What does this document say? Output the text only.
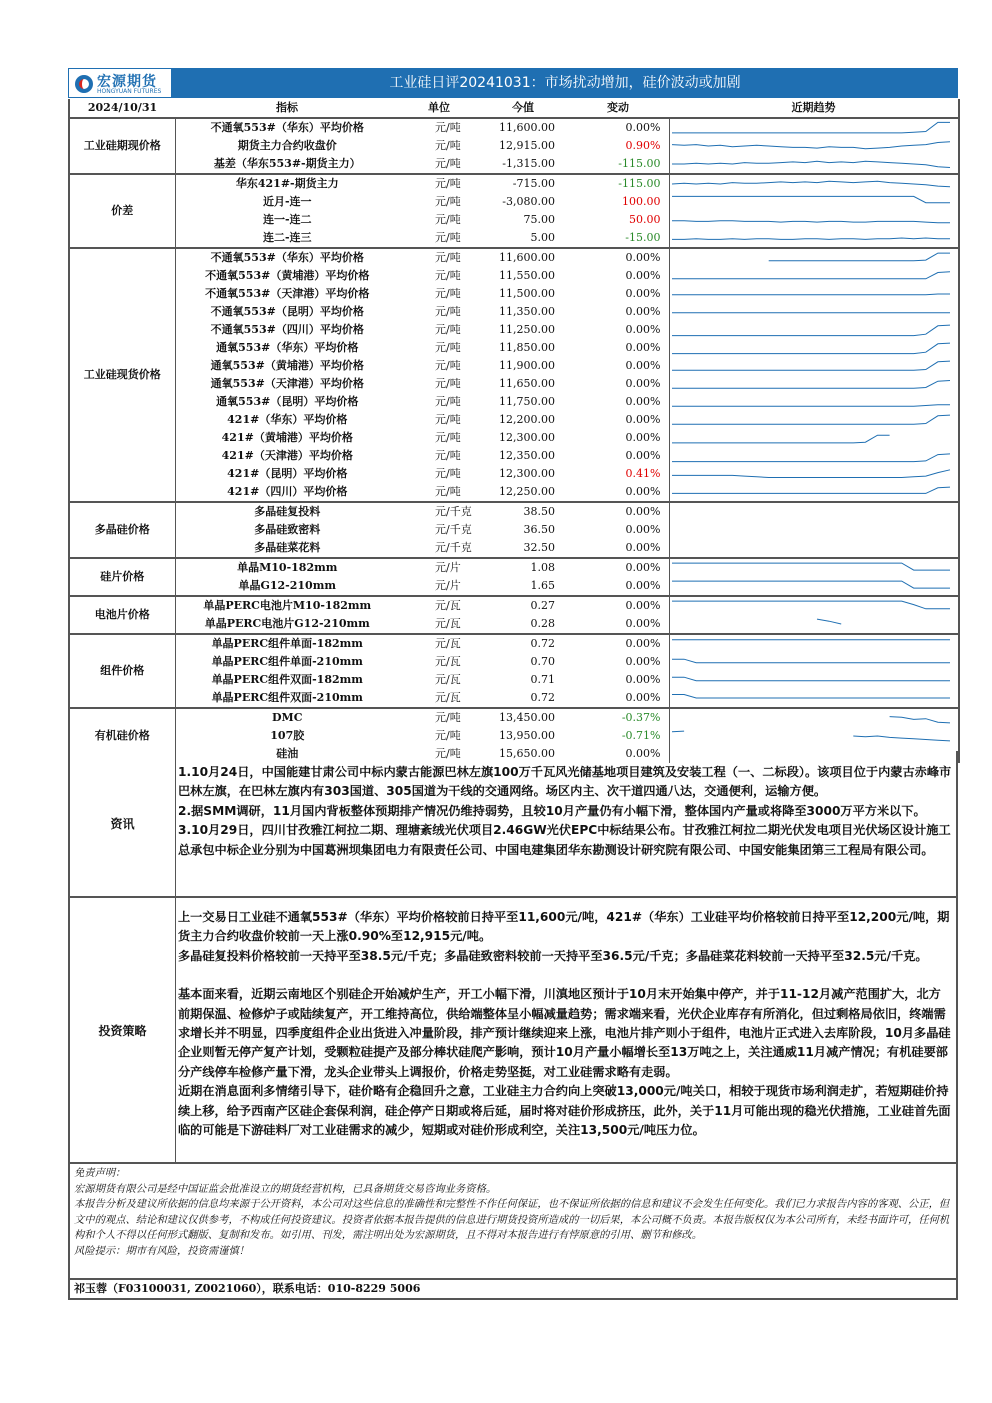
宏源期货
HONGYUAN FUTURES
工业硅日评20241031：市场扰动增加，硅价波动或加剧
2024/10/31	指标	单位	今值	变动	近期趋势
工业硅期现价格	不通氧553#（华东）平均价格	元/吨	11,600.00	0.00%	

	期货主力合约收盘价	元/吨	12,915.00	0.90%	

	基差（华东553#-期货主力）	元/吨	-1,315.00	-115.00	

价差	华东421#-期货主力	元/吨	-715.00	-115.00	

	近月-连一	元/吨	-3,080.00	100.00	

	连一-连二	元/吨	75.00	50.00	

	连二-连三	元/吨	5.00	-15.00	

工业硅现货价格	不通氧553#（华东）平均价格	元/吨	11,600.00	0.00%	

	不通氧553#（黄埔港）平均价格	元/吨	11,550.00	0.00%	

	不通氧553#（天津港）平均价格	元/吨	11,500.00	0.00%	

	不通氧553#（昆明）平均价格	元/吨	11,350.00	0.00%	

	不通氧553#（四川）平均价格	元/吨	11,250.00	0.00%	

	通氧553#（华东）平均价格	元/吨	11,850.00	0.00%	

	通氧553#（黄埔港）平均价格	元/吨	11,900.00	0.00%	

	通氧553#（天津港）平均价格	元/吨	11,650.00	0.00%	

	通氧553#（昆明）平均价格	元/吨	11,750.00	0.00%	

	421#（华东）平均价格	元/吨	12,200.00	0.00%	

	421#（黄埔港）平均价格	元/吨	12,300.00	0.00%	

	421#（天津港）平均价格	元/吨	12,350.00	0.00%	

	421#（昆明）平均价格	元/吨	12,300.00	0.41%	

	421#（四川）平均价格	元/吨	12,250.00	0.00%	

多晶硅价格	多晶硅复投料	元/千克	38.50	0.00%	

	多晶硅致密料	元/千克	36.50	0.00%	

	多晶硅菜花料	元/千克	32.50	0.00%	

硅片价格	单晶M10-182mm	元/片	1.08	0.00%	

	单晶G12-210mm	元/片	1.65	0.00%	

电池片价格	单晶PERC电池片M10-182mm	元/瓦	0.27	0.00%	

	单晶PERC电池片G12-210mm	元/瓦	0.28	0.00%	

组件价格	单晶PERC组件单面-182mm	元/瓦	0.72	0.00%	

	单晶PERC组件单面-210mm	元/瓦	0.70	0.00%	

	单晶PERC组件双面-182mm	元/瓦	0.71	0.00%	

	单晶PERC组件双面-210mm	元/瓦	0.72	0.00%	

有机硅价格	DMC	元/吨	13,450.00	-0.37%	

	107胶	元/吨	13,950.00	-0.71%	

	硅油	元/吨	15,650.00	0.00%	
资讯

1.10月24日，中国能建甘肃公司中标内蒙古能源巴林左旗100万千瓦风光储基地项目建筑及安装工程（一、二标段）。该项目位于内蒙古赤峰市巴林左旗，在巴林左旗内有303国道、305国道为干线的交通网络。场区内主、次干道四通八达，交通便利，运输方便。

2.据SMM调研，11月国内背板整体预期排产情况仍维持弱势，且较10月产量仍有小幅下滑，整体国内产量或将降至3000万平方米以下。

3.10月29日，四川甘孜雅江柯拉二期、理塘紊绒光伏项目2.46GW光伏EPC中标结果公布。甘孜雅江柯拉二期光伏发电项目光伏场区设计施工总承包中标企业分别为中国葛洲坝集团电力有限责任公司、中国电建集团华东勘测设计研究院有限公司、中国安能集团第三工程局有限公司。

投资策略

上一交易日工业硅不通氧553#（华东）平均价格较前日持平至11,600元/吨，421#（华东）工业硅平均价格较前日持平至12,200元/吨，期货主力合约收盘价较前一天上涨0.90%至12,915元/吨。

多晶硅复投料价格较前一天持平至38.5元/千克；多晶硅致密料较前一天持平至36.5元/千克；多晶硅菜花料较前一天持平至32.5元/千克。

基本面来看，近期云南地区个别硅企开始减炉生产，开工小幅下滑，川滇地区预计于10月末开始集中停产，并于11-12月减产范围扩大，北方前期保温、检修炉子或陆续复产，开工维持高位，供给端整体呈小幅减量趋势；需求端来看，光伏企业库存有所消化，但过剩格局依旧，终端需求增长并不明显，四季度组件企业出货进入冲量阶段，排产预计继续迎来上涨，电池片排产则小于组件，电池片正式进入去库阶段，10月多晶硅企业则暂无停产复产计划，受颗粒硅提产及部分棒状硅爬产影响，预计10月产量小幅增长至13万吨之上，关注通威11月减产情况；有机硅要部分产线停车检修产量下滑，龙头企业带头上调报价，价格走势坚挺，对工业硅需求略有走弱。

近期在消息面利多情绪引导下，硅价略有企稳回升之意，工业硅主力合约向上突破13,000元/吨关口，相较于现货市场利润走扩，若短期硅价持续上移，给予西南产区硅企套保利润，硅企停产日期或将后延，届时将对硅价形成挤压，此外，关于11月可能出现的稳光伏措施，工业硅首先面临的可能是下游硅料厂对工业硅需求的减少，短期或对硅价形成利空，关注13,500元/吨压力位。

免责声明：

宏源期货有限公司是经中国证监会批准设立的期货经营机构，已具备期货交易咨询业务资格。

本报告分析及建议所依据的信息均来源于公开资料，本公司对这些信息的准确性和完整性不作任何保证，也不保证所依据的信息和建议不会发生任何变化。我们已力求报告内容的客观、公正，但文中的观点、结论和建议仅供参考，不构成任何投资建议。投资者依据本报告提供的信息进行期货投资所造成的一切后果，本公司概不负责。本报告版权仅为本公司所有，未经书面许可，任何机构和个人不得以任何形式翻版、复制和发布。如引用、刊发，需注明出处为宏源期货，且不得对本报告进行有悖原意的引用、删节和修改。

风险提示：期市有风险，投资需谨慎！

祁玉蓉（F03100031, Z0021060），联系电话：010-8229 5006
